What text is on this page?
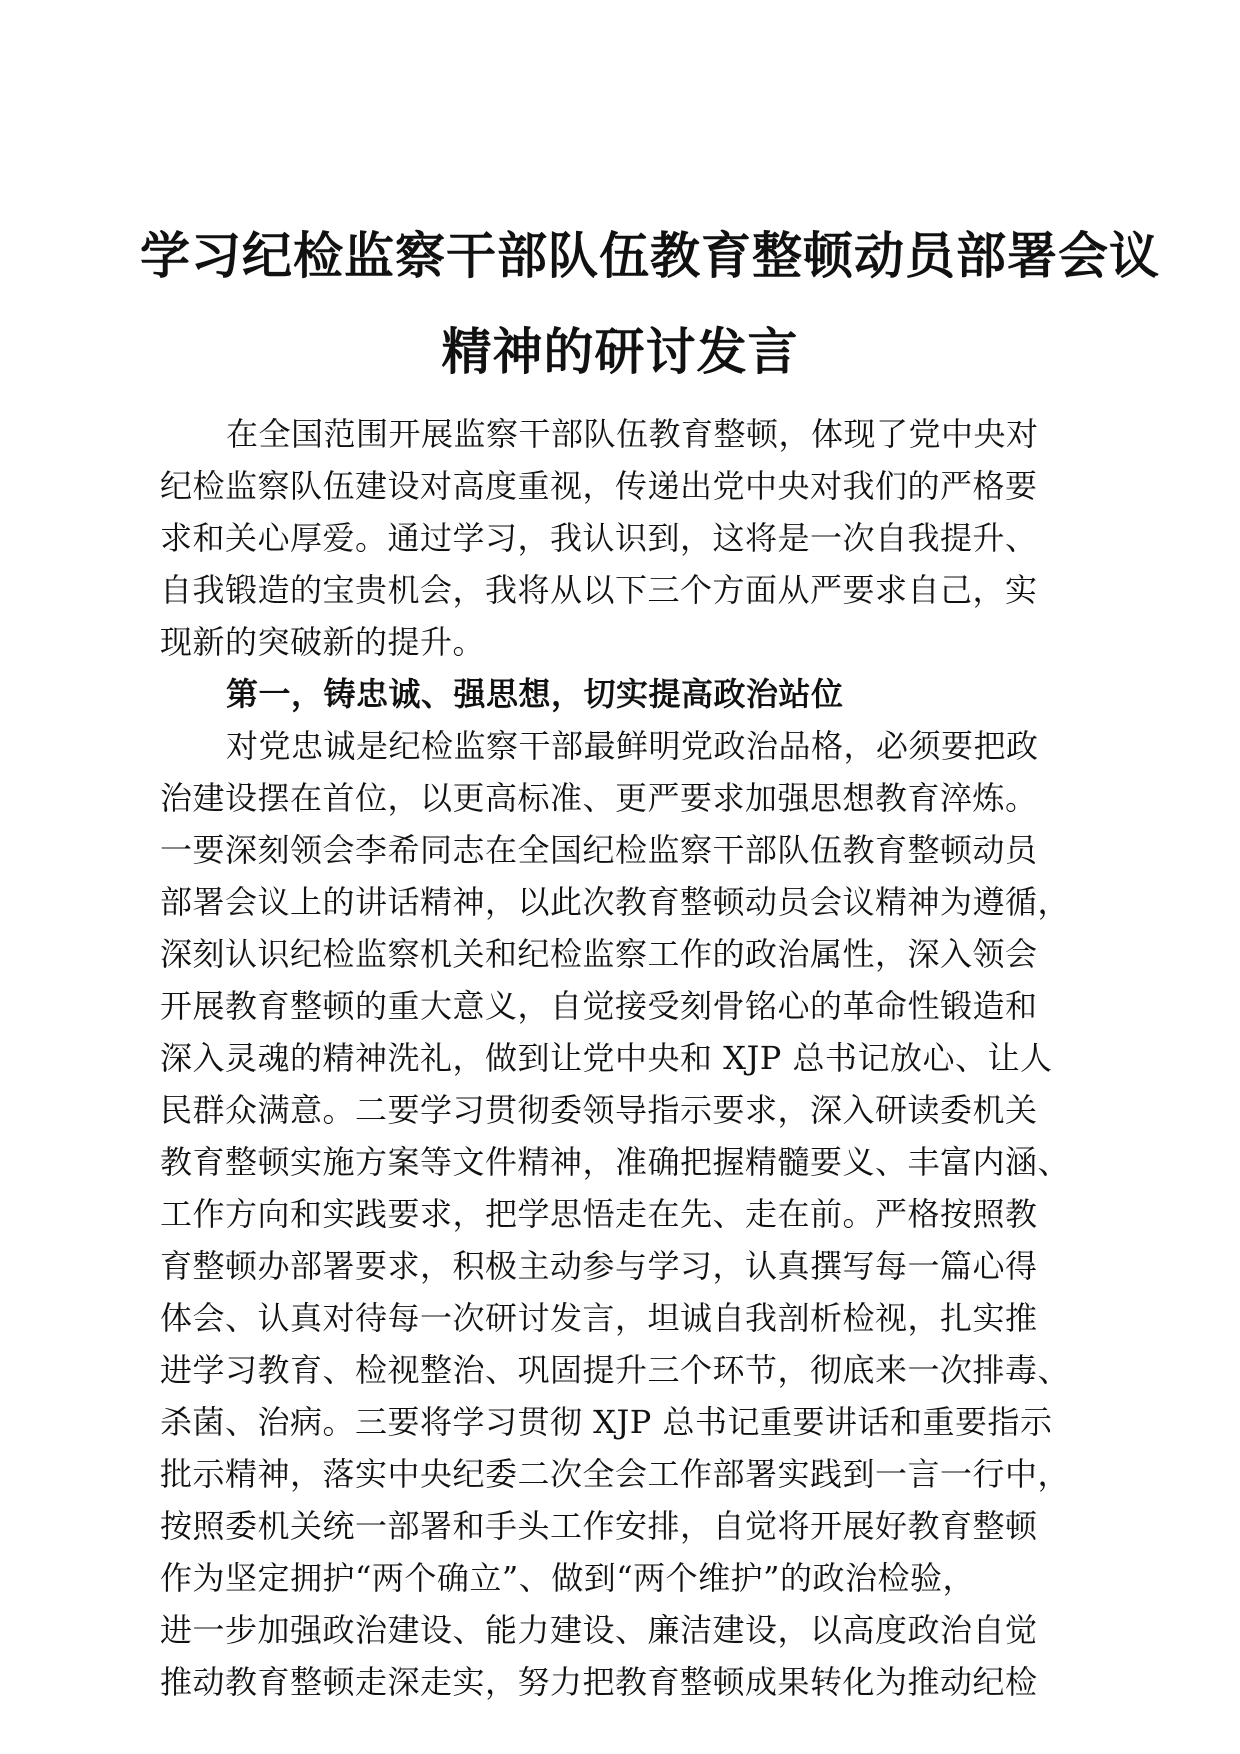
学习纪检监察干部队伍教育整顿动员部署会议
精神的研讨发言
在全国范围开展监察干部队伍教育整顿，体现了党中央对
纪检监察队伍建设对高度重视，传递出党中央对我们的严格要
求和关心厚爱。通过学习，我认识到，这将是一次自我提升、
自我锻造的宝贵机会，我将从以下三个方面从严要求自己，实
现新的突破新的提升。
第一，铸忠诚、强思想，切实提高政治站位
对党忠诚是纪检监察干部最鲜明党政治品格，必须要把政
治建设摆在首位，以更高标准、更严要求加强思想教育淬炼。
一要深刻领会李希同志在全国纪检监察干部队伍教育整顿动员
部署会议上的讲话精神，以此次教育整顿动员会议精神为遵循，
深刻认识纪检监察机关和纪检监察工作的政治属性，深入领会
开展教育整顿的重大意义，自觉接受刻骨铭心的革命性锻造和
深入灵魂的精神洗礼，做到让党中央和 XJP 总书记放心、让人
民群众满意。二要学习贯彻委领导指示要求，深入研读委机关
教育整顿实施方案等文件精神，准确把握精髓要义、丰富内涵、
工作方向和实践要求，把学思悟走在先、走在前。严格按照教
育整顿办部署要求，积极主动参与学习，认真撰写每一篇心得
体会、认真对待每一次研讨发言，坦诚自我剖析检视，扎实推
进学习教育、检视整治、巩固提升三个环节，彻底来一次排毒、
杀菌、治病。三要将学习贯彻 XJP 总书记重要讲话和重要指示
批示精神，落实中央纪委二次全会工作部署实践到一言一行中，
按照委机关统一部署和手头工作安排，自觉将开展好教育整顿
作为坚定拥护“两个确立”、做到“两个维护”的政治检验，
进一步加强政治建设、能力建设、廉洁建设，以高度政治自觉
推动教育整顿走深走实，努力把教育整顿成果转化为推动纪检
